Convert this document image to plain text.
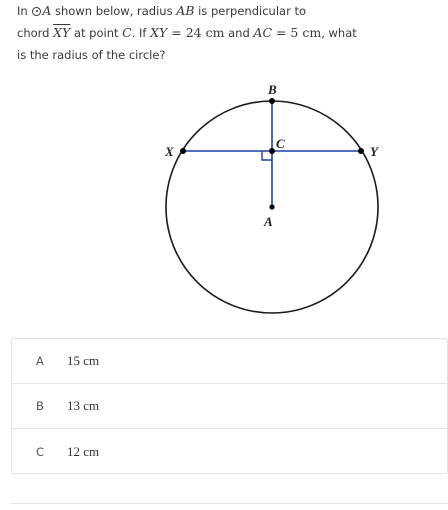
In A shown below, radius AB is perpendicular to
chord $\overline{XY}$ at point C. If XY = 24 cm and AC = 5 cm, what
is the radius of the circle?
B
C
X	Y
A
A	15 cm
B	13 cm
C	12 cm
